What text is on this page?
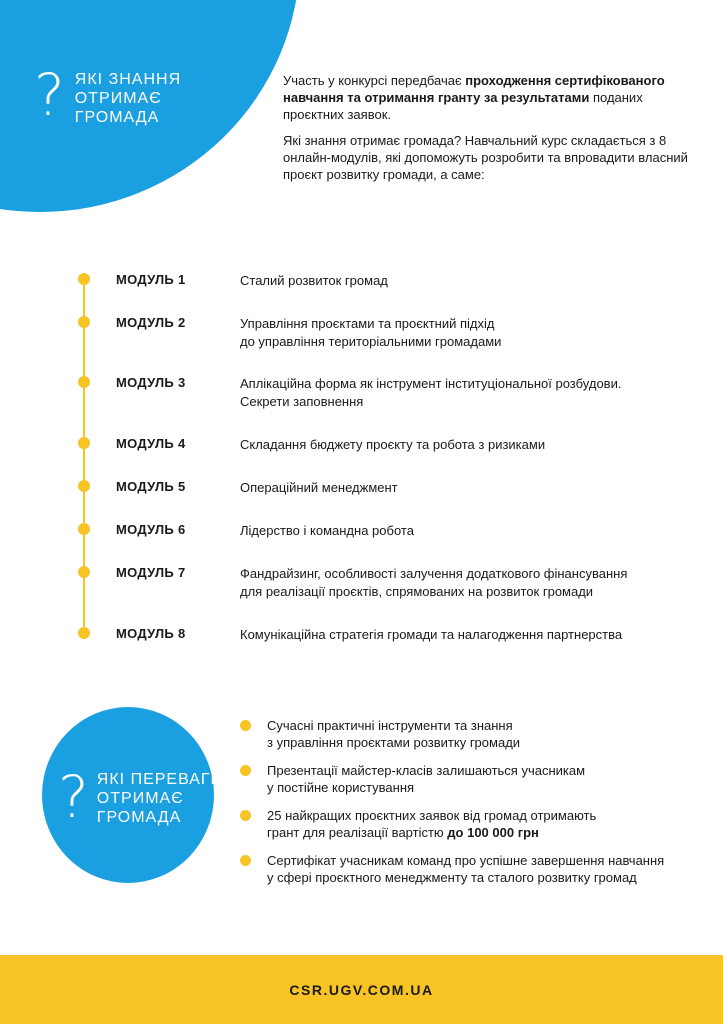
? ЯКІ ЗНАННЯ
ОТРИМАЄ
ГРОМАДА

Участь у конкурсі передбачає проходження сертифікованого навчання та отримання гранту за результатами поданих проєктних заявок.

Які знання отримає громада? Навчальний курс складається з 8 онлайн-модулів, які допоможуть розробити та впровадити власний проєкт розвитку громади, а саме:

МОДУЛЬ 1	Сталий розвиток громад
МОДУЛЬ 2	Управління проєктами та проєктний підхід
до управління територіальними громадами
МОДУЛЬ 3	Аплікаційна форма як інструмент інституціональної розбудови.
Секрети заповнення
МОДУЛЬ 4	Складання бюджету проєкту та робота з ризиками
МОДУЛЬ 5	Операційний менеджмент
МОДУЛЬ 6	Лідерство і командна робота
МОДУЛЬ 7	Фандрайзинг, особливості залучення додаткового фінансування
для реалізації проєктів, спрямованих на розвиток громади
МОДУЛЬ 8	Комунікаційна стратегія громади та налагодження партнерства
? ЯКІ ПЕРЕВАГИ
ОТРИМАЄ
ГРОМАДА
Сучасні практичні інструменти та знання
з управління проєктами розвитку громади
Презентації майстер-класів залишаються учасникам
у постійне користування
25 найкращих проєктних заявок від громад отримають
грант для реалізації вартістю до 100 000 грн
Сертифікат учасникам команд про успішне завершення навчання
у сфері проєктного менеджменту та сталого розвитку громад
CSR.UGV.COM.UA
